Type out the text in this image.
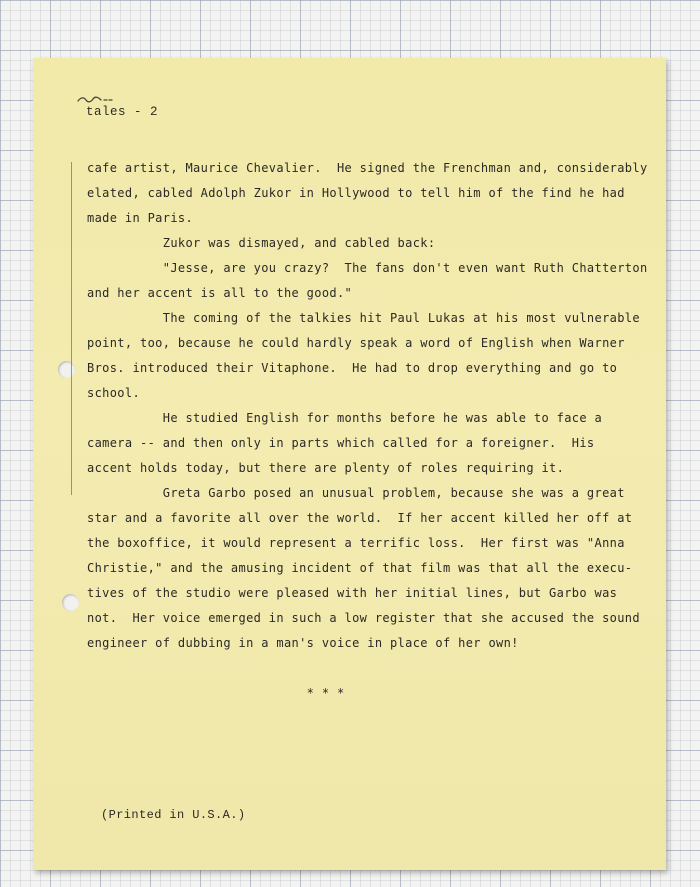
tales - 2

cafe artist, Maurice Chevalier.  He signed the Frenchman and, considerably
elated, cabled Adolph Zukor in Hollywood to tell him of the find he had
made in Paris.
Zukor was dismayed, and cabled back:
"Jesse, are you crazy?  The fans don't even want Ruth Chatterton
and her accent is all to the good."
The coming of the talkies hit Paul Lukas at his most vulnerable
point, too, because he could hardly speak a word of English when Warner
Bros. introduced their Vitaphone.  He had to drop everything and go to
school.
He studied English for months before he was able to face a
camera -- and then only in parts which called for a foreigner.  His
accent holds today, but there are plenty of roles requiring it.
Greta Garbo posed an unusual problem, because she was a great
star and a favorite all over the world.  If her accent killed her off at
the boxoffice, it would represent a terrific loss.  Her first was "Anna
Christie," and the amusing incident of that film was that all the execu-
tives of the studio were pleased with her initial lines, but Garbo was
not.  Her voice emerged in such a low register that she accused the sound
engineer of dubbing in a man's voice in place of her own!

* * *

(Printed in U.S.A.)
